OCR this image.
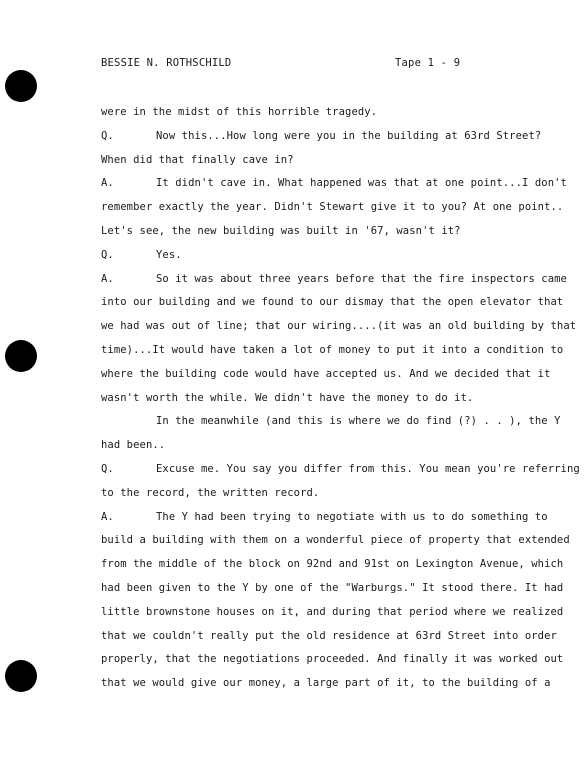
BESSIE N. ROTHSCHILD	Tape 1 - 9
were in the midst of this horrible tragedy.
Q.	Now this...How long were you in the building at 63rd Street?
When did that finally cave in?
A.	It didn't cave in. What happened was that at one point...I don't
remember exactly the year. Didn't Stewart give it to you? At one point..
Let's see, the new building was built in '67, wasn't it?
Q.	Yes.
A.	So it was about three years before that the fire inspectors came
into our building and we found to our dismay that the open elevator that
we had was out of line; that our wiring....(it was an old building by that
time)...It would have taken a lot of money to put it into a condition to
where the building code would have accepted us. And we decided that it
wasn't worth the while. We didn't have the money to do it.
In the meanwhile (and this is where we do find (?) . . ), the Y
had been..
Q.	Excuse me. You say you differ from this. You mean you're referring
to the record, the written record.
A.	The Y had been trying to negotiate with us to do something to
build a building with them on a wonderful piece of property that extended
from the middle of the block on 92nd and 91st on Lexington Avenue, which
had been given to the Y by one of the "Warburgs." It stood there. It had
little brownstone houses on it, and during that period where we realized
that we couldn't really put the old residence at 63rd Street into order
properly, that the negotiations proceeded. And finally it was worked out
that we would give our money, a large part of it, to the building of a
